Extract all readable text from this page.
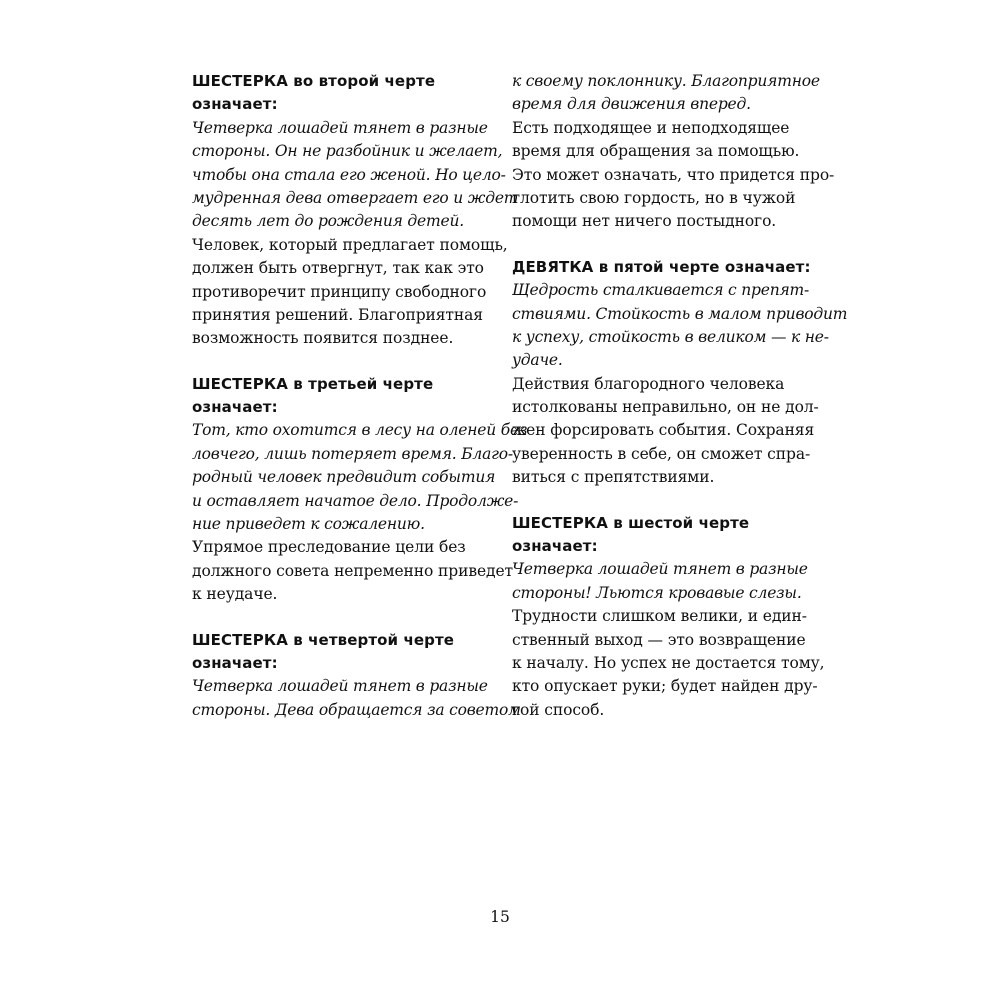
ШЕСТЕРКА во второй черте
означает:
Четверка лошадей тянет в разные
стороны. Он не разбойник и желает,
чтобы она стала его женой. Но цело-
мудренная дева отвергает его и ждет
десять лет до рождения детей.
Человек, который предлагает помощь,
должен быть отвергнут, так как это
противоречит принципу свободного
принятия решений. Благоприятная
возможность появится позднее.
ШЕСТЕРКА в третьей черте
означает:
Тот, кто охотится в лесу на оленей без
ловчего, лишь потеряет время. Благо-
родный человек предвидит события
и оставляет начатое дело. Продолже-
ние приведет к сожалению.
Упрямое преследование цели без
должного совета непременно приведет
к неудаче.
ШЕСТЕРКА в четвертой черте
означает:
Четверка лошадей тянет в разные
стороны. Дева обращается за советом
к своему поклоннику. Благоприятное
время для движения вперед.
Есть подходящее и неподходящее
время для обращения за помощью.
Это может означать, что придется про-
глотить свою гордость, но в чужой
помощи нет ничего постыдного.
ДЕВЯТКА в пятой черте означает:
Щедрость сталкивается с препят-
ствиями. Стойкость в малом приводит
к успеху, стойкость в великом — к не-
удаче.
Действия благородного человека
истолкованы неправильно, он не дол-
жен форсировать события. Сохраняя
уверенность в себе, он сможет спра-
виться с препятствиями.
ШЕСТЕРКА в шестой черте
означает:
Четверка лошадей тянет в разные
стороны! Льются кровавые слезы.
Трудности слишком велики, и един-
ственный выход — это возвращение
к началу. Но успех не достается тому,
кто опускает руки; будет найден дру-
гой способ.
15
